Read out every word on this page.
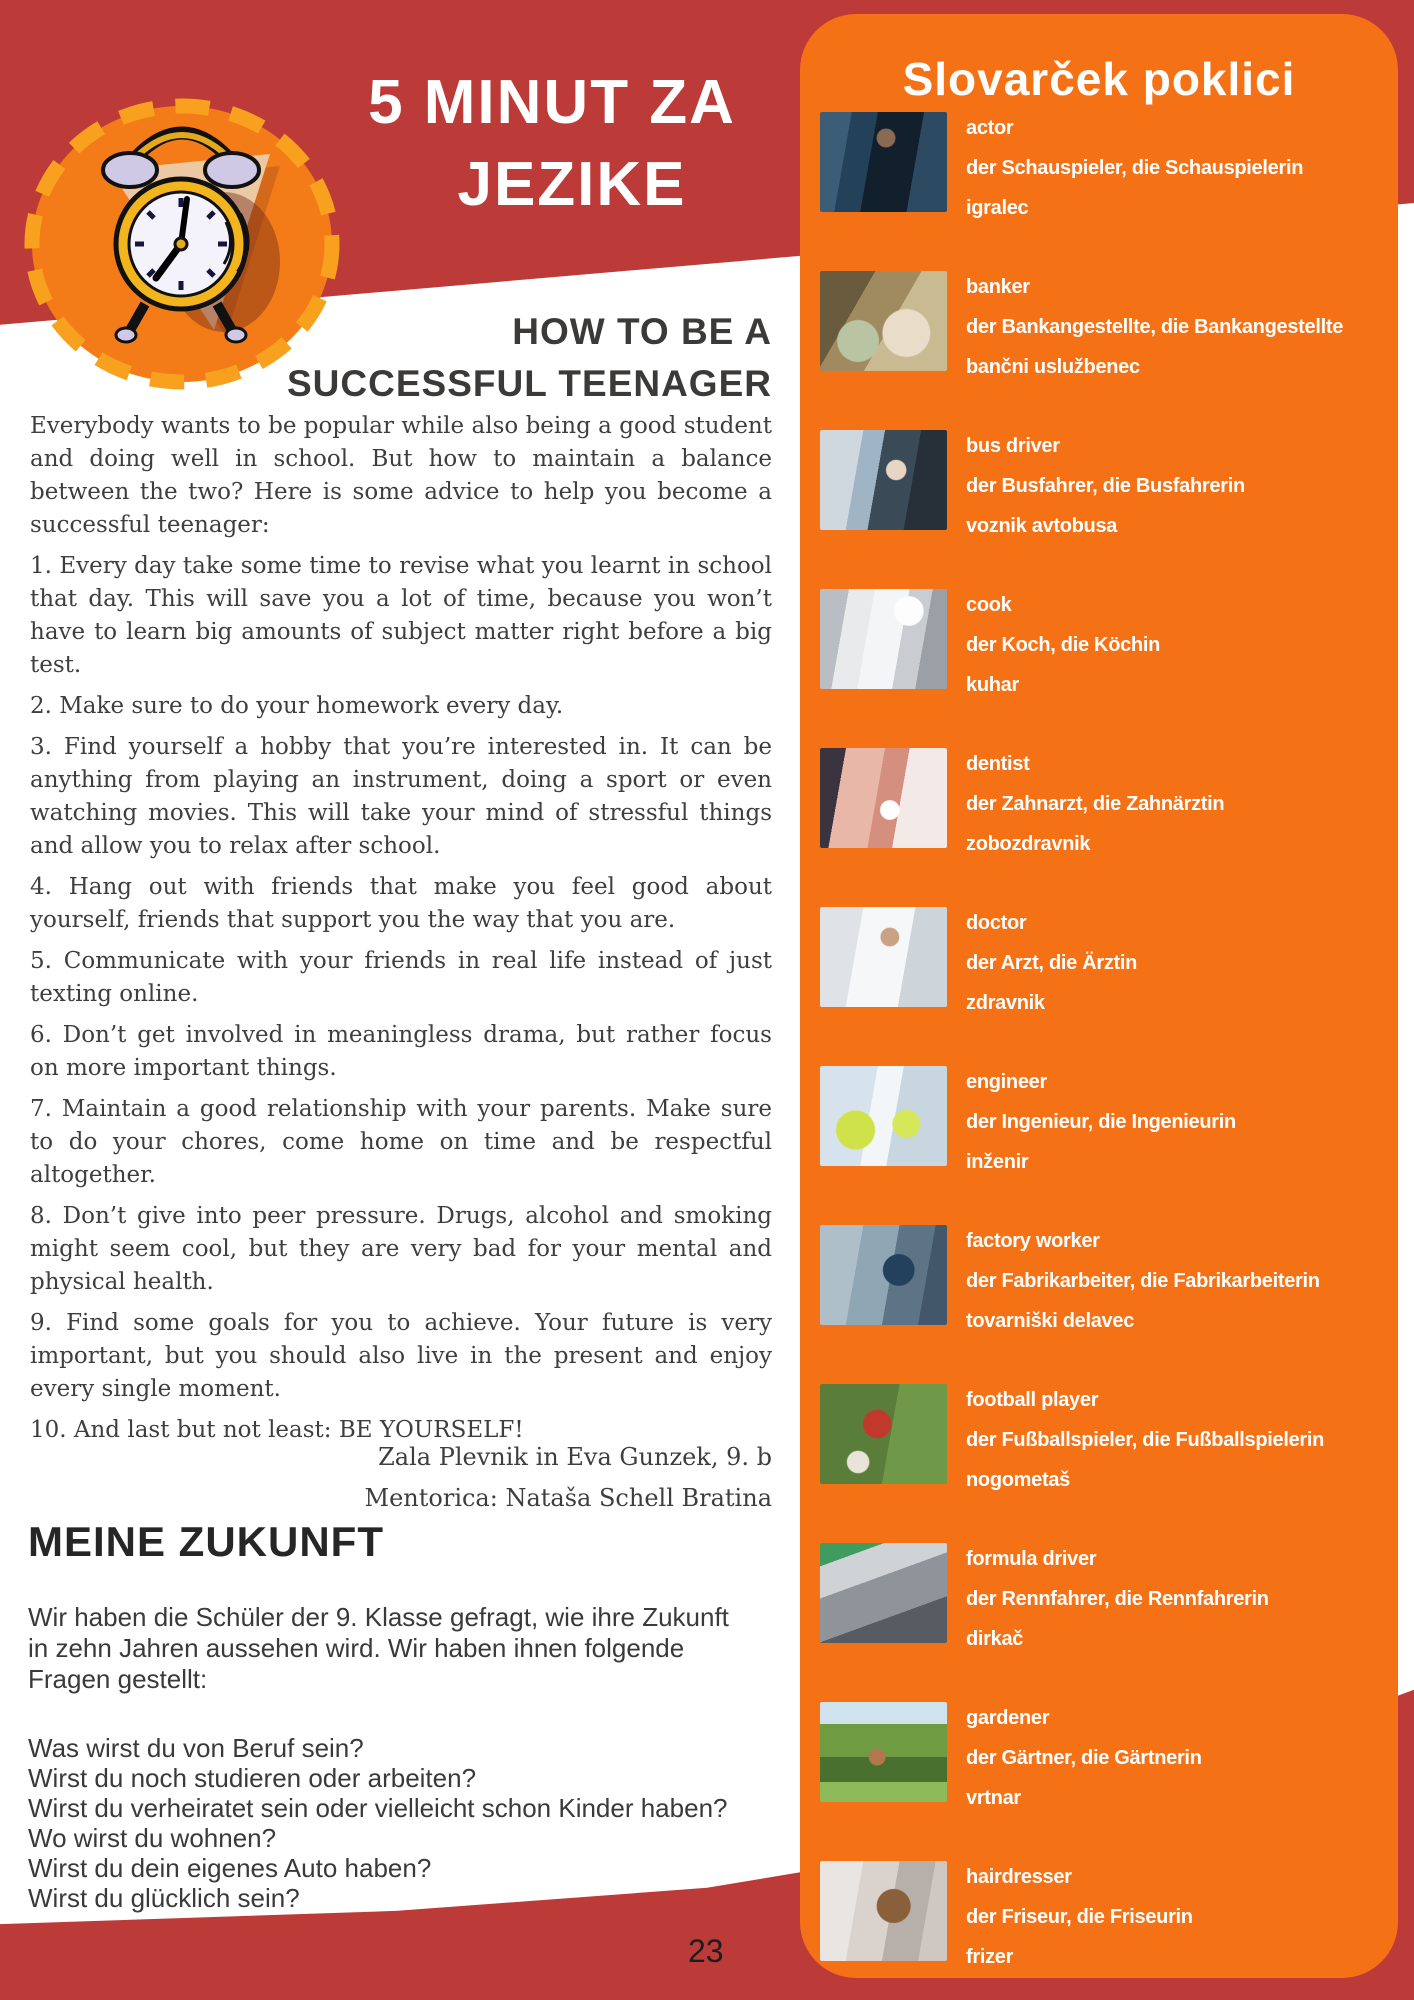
5 MINUT ZA
JEZIKE
HOW TO BE A
SUCCESSFUL TEENAGER

Everybody wants to be popular while also being a good student and doing well in school. But how to maintain a balance between the two? Here is some advice to help you become a successful teenager:

1. Every day take some time to revise what you learnt in school that day. This will save you a lot of time, because you won’t have to learn big amounts of subject matter right before a big test.

2. Make sure to do your homework every day.

3. Find yourself a hobby that you’re interested in. It can be anything from playing an instrument, doing a sport or even watching movies. This will take your mind of stressful things and allow you to relax after school.

4. Hang out with friends that make you feel good about yourself, friends that support you the way that you are.

5. Communicate with your friends in real life instead of just texting online.

6. Don’t get involved in meaningless drama, but rather focus on more important things.

7. Maintain a good relationship with your parents. Make sure to do your chores, come home on time and be respectful altogether.

8. Don’t give into peer pressure. Drugs, alcohol and smoking might seem cool, but they are very bad for your mental and physical health.

9. Find some goals for you to achieve. Your future is very important, but you should also live in the present and enjoy every single moment.

10. And last but not least: BE YOURSELF!

Zala Plevnik in Eva Gunzek, 9. b
Mentorica: Nataša Schell Bratina
MEINE ZUKUNFT
Wir haben die Schüler der 9. Klasse gefragt, wie ihre Zukunft in zehn Jahren aussehen wird. Wir haben ihnen folgende Fragen gestellt:
Was wirst du von Beruf sein?
Wirst du noch studieren oder arbeiten?
Wirst du verheiratet sein oder vielleicht schon Kinder haben?
Wo wirst du wohnen?
Wirst du dein eigenes Auto haben?
Wirst du glücklich sein?
23
Slovarček poklici
actor
der Schauspieler, die Schauspielerin
igralec
banker
der Bankangestellte, die Bankangestellte
bančni uslužbenec
bus driver
der Busfahrer, die Busfahrerin
voznik avtobusa
cook
der Koch, die Köchin
kuhar
dentist
der Zahnarzt, die Zahnärztin
zobozdravnik
doctor
der Arzt, die Ärztin
zdravnik
engineer
der Ingenieur, die Ingenieurin
inženir
factory worker
der Fabrikarbeiter, die Fabrikarbeiterin
tovarniški delavec
football player
der Fußballspieler, die Fußballspielerin
nogometaš
formula driver
der Rennfahrer, die Rennfahrerin
dirkač
gardener
der Gärtner, die Gärtnerin
vrtnar
hairdresser
der Friseur, die Friseurin
frizer
